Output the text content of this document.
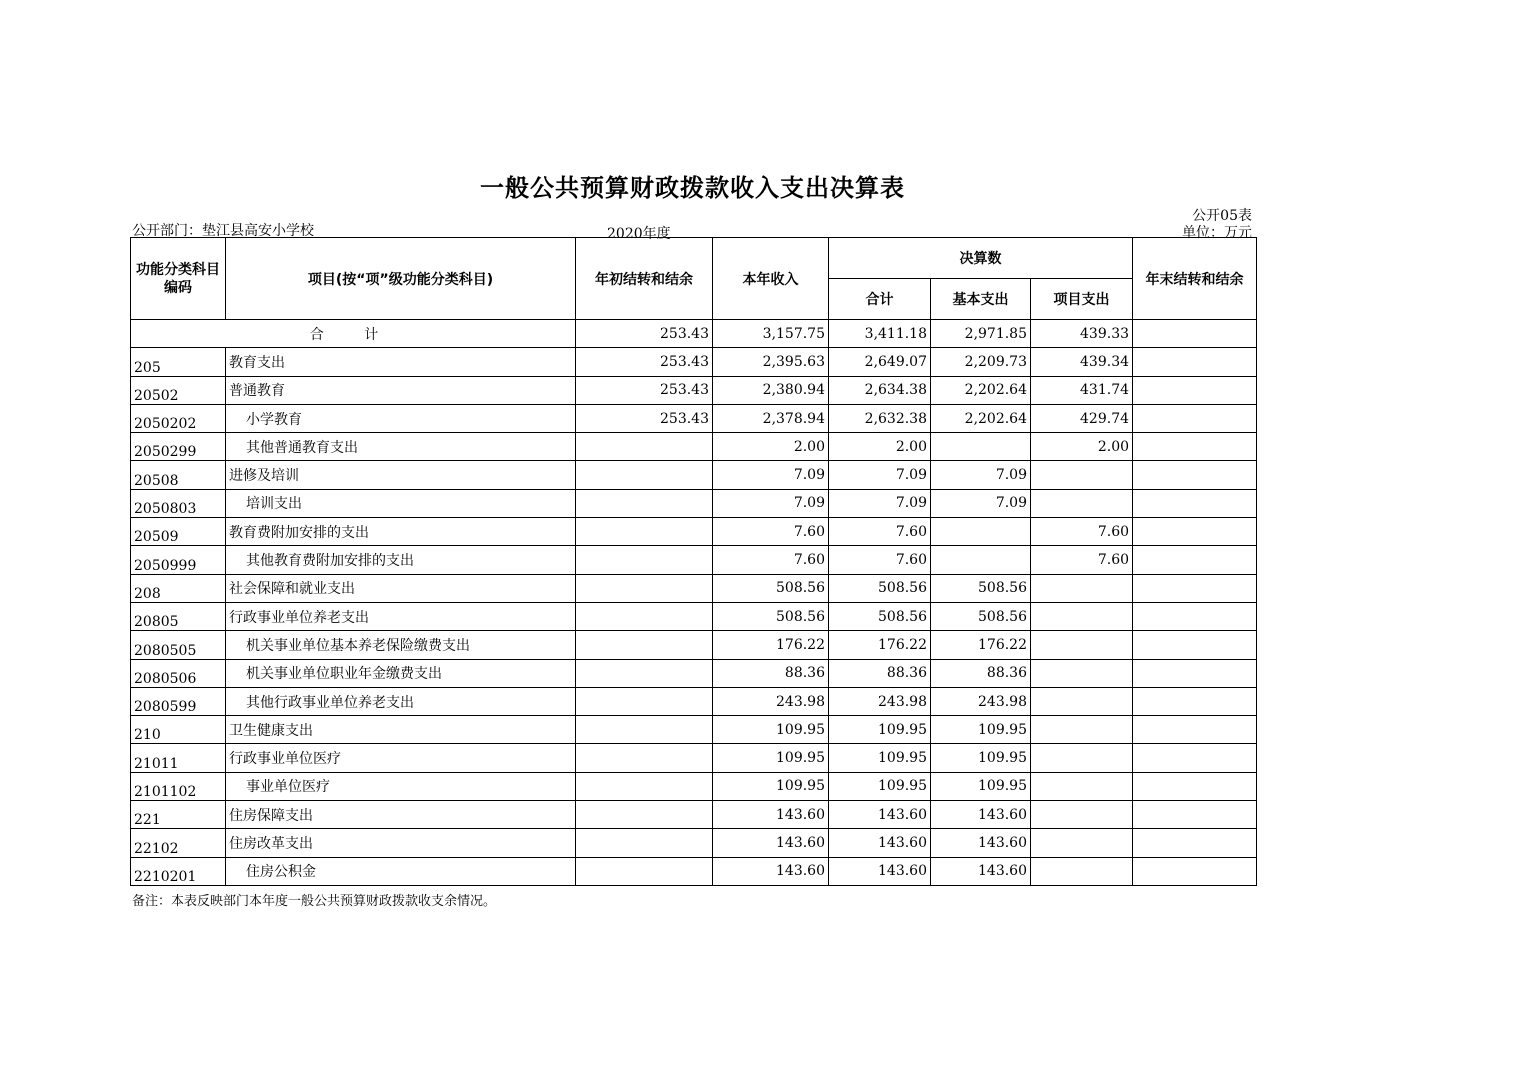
一般公共预算财政拨款收入支出决算表
公开部门：垫江县高安小学校	2020年度
公开05表
单位：万元
功能分类科目编码	项目(按“项”级功能分类科目)	年初结转和结余	本年收入	决算数			年末结转和结余
				合计	基本支出	项目支出	
合 计		253.43	3,157.75	3,411.18	2,971.85	439.33	
205	教育支出	253.43	2,395.63	2,649.07	2,209.73	439.34	
20502	普通教育	253.43	2,380.94	2,634.38	2,202.64	431.74	
2050202	小学教育	253.43	2,378.94	2,632.38	2,202.64	429.74	
2050299	其他普通教育支出		2.00	2.00		2.00	
20508	进修及培训		7.09	7.09	7.09		
2050803	培训支出		7.09	7.09	7.09		
20509	教育费附加安排的支出		7.60	7.60		7.60	
2050999	其他教育费附加安排的支出		7.60	7.60		7.60	
208	社会保障和就业支出		508.56	508.56	508.56		
20805	行政事业单位养老支出		508.56	508.56	508.56		
2080505	机关事业单位基本养老保险缴费支出		176.22	176.22	176.22		
2080506	机关事业单位职业年金缴费支出		88.36	88.36	88.36		
2080599	其他行政事业单位养老支出		243.98	243.98	243.98		
210	卫生健康支出		109.95	109.95	109.95		
21011	行政事业单位医疗		109.95	109.95	109.95		
2101102	事业单位医疗		109.95	109.95	109.95		
221	住房保障支出		143.60	143.60	143.60		
22102	住房改革支出		143.60	143.60	143.60		
2210201	住房公积金		143.60	143.60	143.60		
备注：本表反映部门本年度一般公共预算财政拨款收支余情况。
